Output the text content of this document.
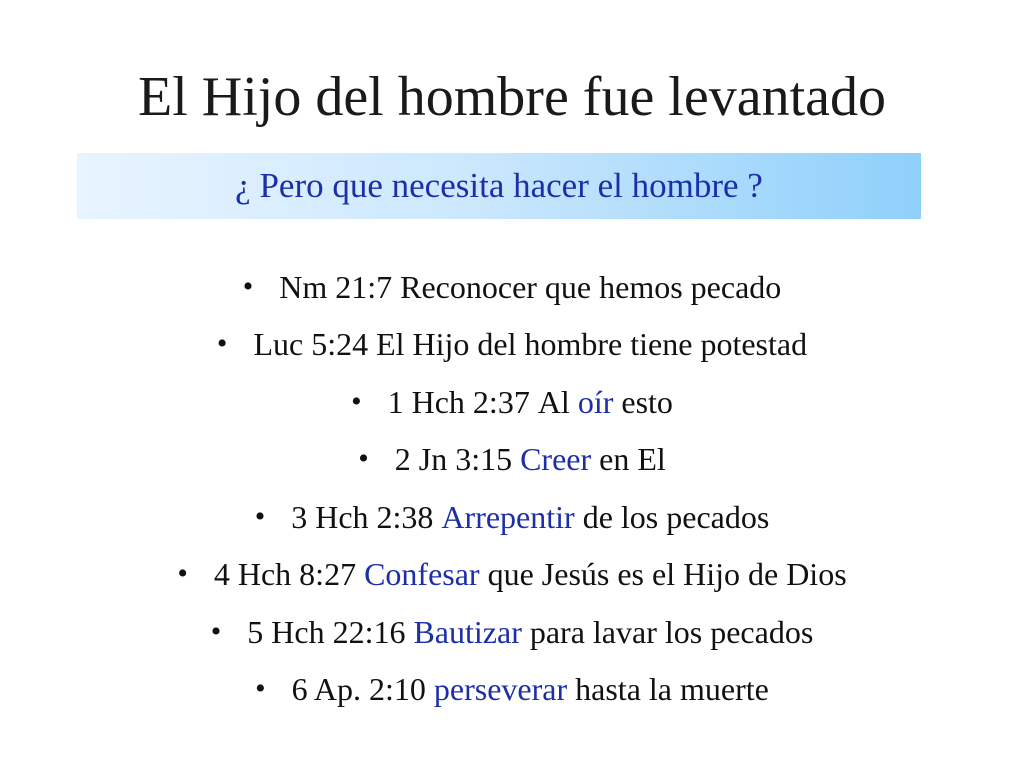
El Hijo del hombre fue levantado
¿ Pero que necesita hacer el hombre ?
• Nm 21:7
Reconocer que hemos pecado
• Luc 5:24
El Hijo del hombre tiene potestad
• 1 Hch 2:37
Al
oír
esto
• 2 Jn 3:15
Creer
en El
• 3 Hch 2:38
Arrepentir
de los pecados
• 4 Hch 8:27
Confesar
que Jesús es el Hijo de Dios
• 5 Hch 22:16
Bautizar
para lavar los pecados
• 6 Ap. 2:10
perseverar
hasta la muerte
